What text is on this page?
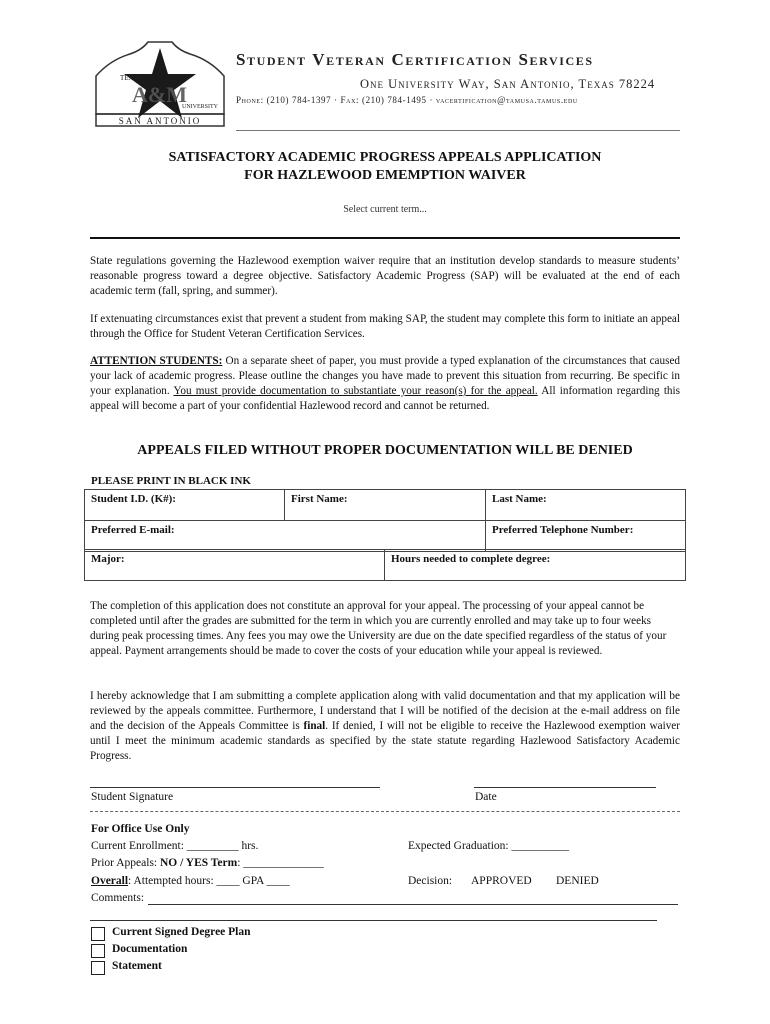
TEXAS
A&M
UNIVERSITY
SAN ANTONIO
Student Veteran Certification Services
One University Way, San Antonio, Texas 78224
Phone: (210) 784-1397 · Fax: (210) 784-1495 · vacertification@tamusa.tamus.edu
SATISFACTORY ACADEMIC PROGRESS APPEALS APPLICATION
FOR HAZLEWOOD EMEMPTION WAIVER
Select current term...
State regulations governing the Hazlewood exemption waiver require that an institution develop standards to measure students’ reasonable progress toward a degree objective. Satisfactory Academic Progress (SAP) will be evaluated at the end of each academic term (fall, spring, and summer).
If extenuating circumstances exist that prevent a student from making SAP, the student may complete this form to initiate an appeal through the Office for Student Veteran Certification Services.
ATTENTION STUDENTS: On a separate sheet of paper, you must provide a typed explanation of the circumstances that caused your lack of academic progress. Please outline the changes you have made to prevent this situation from recurring. Be specific in your explanation. You must provide documentation to substantiate your reason(s) for the appeal. All information regarding this appeal will become a part of your confidential Hazlewood record and cannot be returned.
APPEALS FILED WITHOUT PROPER DOCUMENTATION WILL BE DENIED
PLEASE PRINT IN BLACK INK
Student I.D. (K#):	First Name:	Last Name:
Preferred E-mail:		Preferred Telephone Number:
Major:	Hours needed to complete degree:
The completion of this application does not constitute an approval for your appeal. The processing of your appeal cannot be completed until after the grades are submitted for the term in which you are currently enrolled and may take up to four weeks during peak processing times. Any fees you may owe the University are due on the date specified regardless of the status of your appeal. Payment arrangements should be made to cover the costs of your education while your appeal is reviewed.
I hereby acknowledge that I am submitting a complete application along with valid documentation and that my application will be reviewed by the appeals committee. Furthermore, I understand that I will be notified of the decision at the e-mail address on file and the decision of the Appeals Committee is final. If denied, I will not be eligible to receive the Hazlewood exemption waiver until I meet the minimum academic standards as specified by the state statute regarding Hazlewood Satisfactory Academic Progress.
Student Signature	Date
For Office Use Only
Current Enrollment: _________ hrs.	Expected Graduation: __________
Prior Appeals: NO / YES Term: ______________
Overall: Attempted hours: ____ GPA ____	Decision: APPROVED DENIED
Comments:
Current Signed Degree Plan
Documentation
Statement
